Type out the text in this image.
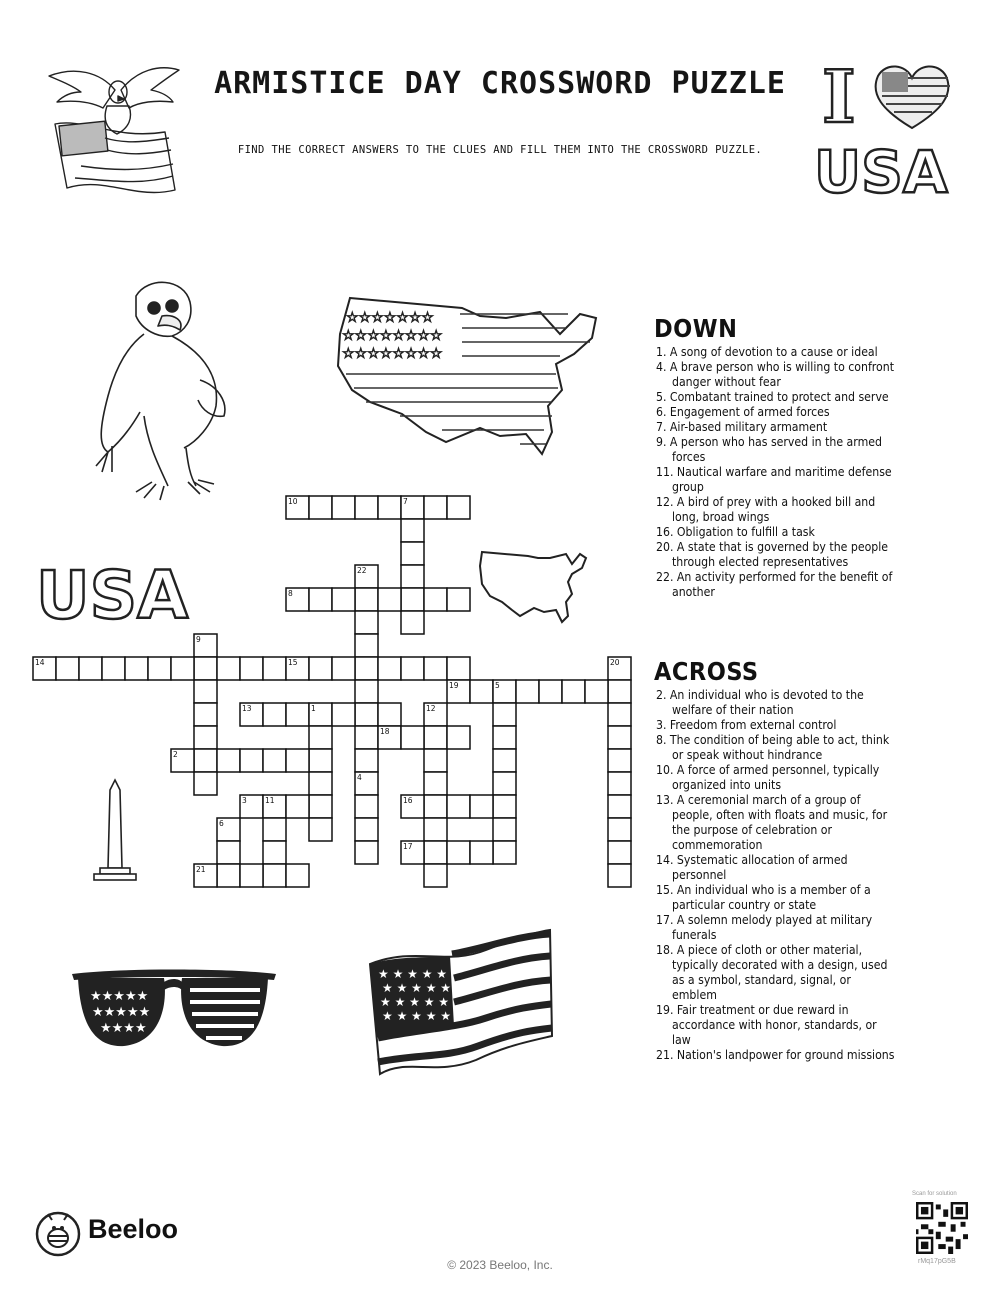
ARMISTICE DAY CROSSWORD PUZZLE
FIND THE CORRECT ANSWERS TO THE CLUES AND FILL THEM INTO THE CROSSWORD PUZZLE.
I
USA
☆☆☆☆☆☆☆
☆☆☆☆☆☆☆☆
☆☆☆☆☆☆☆☆
USA
10	7
22
8
9
14	15	20
19	5
13	1	12
18
2
4
3 11	16
6
17
21
★★★★★
★★★★★
★★★★
★ ★ ★ ★ ★
★ ★ ★ ★ ★
★ ★ ★ ★ ★
★ ★ ★ ★ ★
DOWN
1. A song of devotion to a cause or ideal
4. A brave person who is willing to confront danger without fear
5. Combatant trained to protect and serve
6. Engagement of armed forces
7. Air-based military armament
9. A person who has served in the armed forces
11. Nautical warfare and maritime defense group
12. A bird of prey with a hooked bill and long, broad wings
16. Obligation to fulfill a task
20. A state that is governed by the people through elected representatives
22. An activity performed for the benefit of another
ACROSS
2. An individual who is devoted to the welfare of their nation
3. Freedom from external control
8. The condition of being able to act, think or speak without hindrance
10. A force of armed personnel, typically organized into units
13. A ceremonial march of a group of people, often with floats and music, for the purpose of celebration or commemoration
14. Systematic allocation of armed personnel
15. An individual who is a member of a particular country or state
17. A solemn melody played at military funerals
18. A piece of cloth or other material, typically decorated with a design, used as a symbol, standard, signal, or emblem
19. Fair treatment or due reward in accordance with honor, standards, or law
21. Nation's landpower for ground missions
Beeloo
© 2023 Beeloo, Inc.
Scan for solution
rMq17pG5B
